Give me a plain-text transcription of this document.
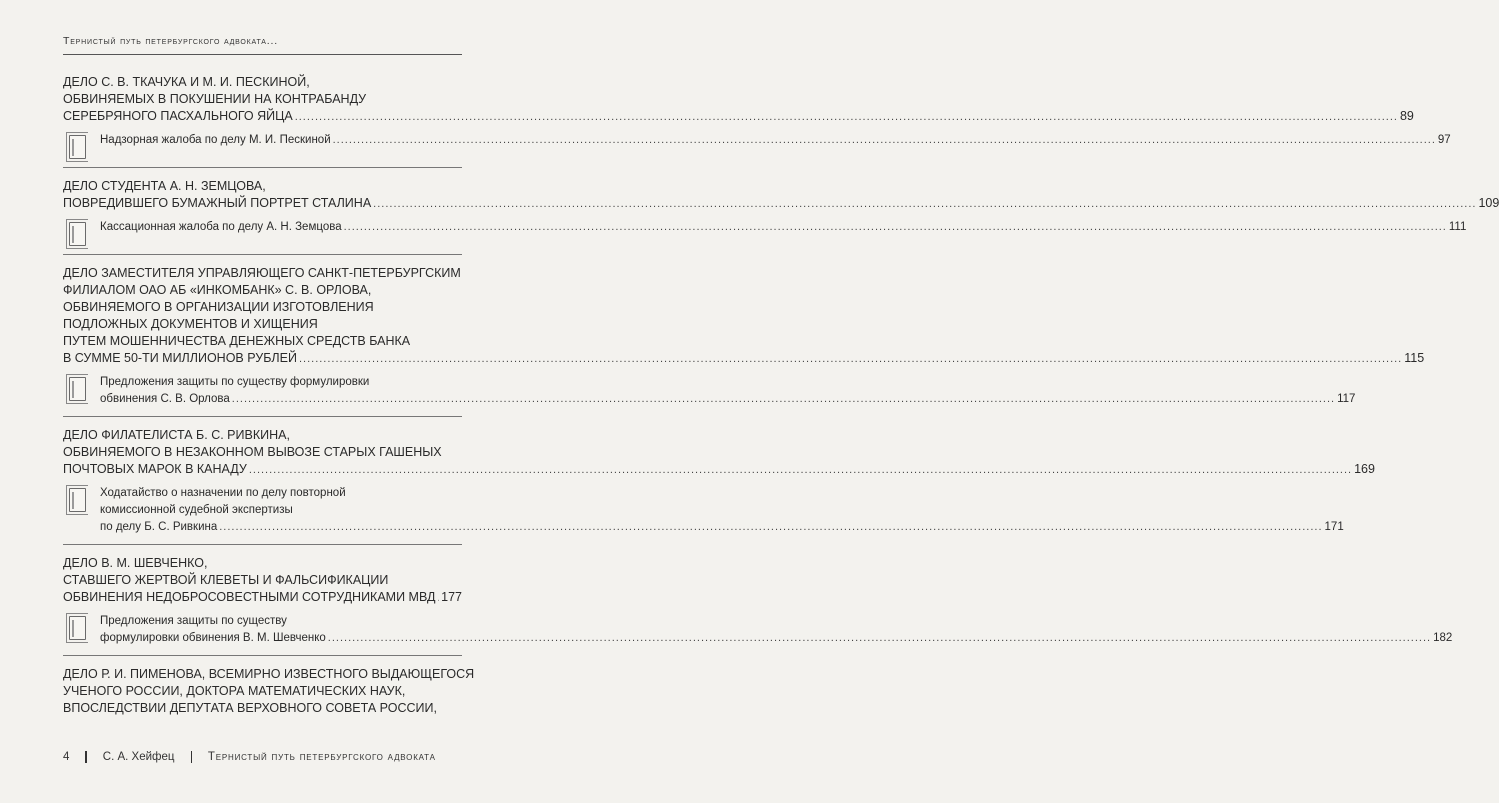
Тернистый путь петербургского адвоката...
ДЕЛО С. В. ТКАЧУКА И М. И. ПЕСКИНОЙ,
ОБВИНЯЕМЫХ В ПОКУШЕНИИ НА КОНТРАБАНДУ
СЕРЕБРЯНОГО ПАСХАЛЬНОГО ЯЙЦА .....	89
Надзорная жалоба по делу М. И. Пескиной .....	97
ДЕЛО СТУДЕНТА А. Н. ЗЕМЦОВА,
ПОВРЕДИВШЕГО БУМАЖНЫЙ ПОРТРЕТ СТАЛИНА .....	109
Кассационная жалоба по делу А. Н. Земцова .....	111
ДЕЛО ЗАМЕСТИТЕЛЯ УПРАВЛЯЮЩЕГО САНКТ-ПЕТЕРБУРГСКИМ
ФИЛИАЛОМ ОАО АБ «ИНКОМБАНК» С. В. ОРЛОВА,
ОБВИНЯЕМОГО В ОРГАНИЗАЦИИ ИЗГОТОВЛЕНИЯ
ПОДЛОЖНЫХ ДОКУМЕНТОВ И ХИЩЕНИЯ
ПУТЕМ МОШЕННИЧЕСТВА ДЕНЕЖНЫХ СРЕДСТВ БАНКА
В СУММЕ 50-ТИ МИЛЛИОНОВ РУБЛЕЙ .....	115
Предложения защиты по существу формулировки
обвинения С. В. Орлова .....	117
ДЕЛО ФИЛАТЕЛИСТА Б. С. РИВКИНА,
ОБВИНЯЕМОГО В НЕЗАКОННОМ ВЫВОЗЕ СТАРЫХ ГАШЕНЫХ
ПОЧТОВЫХ МАРОК В КАНАДУ .....	169
Ходатайство о назначении по делу повторной
комиссионной судебной экспертизы
по делу Б. С. Ривкина .....	171
ДЕЛО В. М. ШЕВЧЕНКО,
СТАВШЕГО ЖЕРТВОЙ КЛЕВЕТЫ И ФАЛЬСИФИКАЦИИ
ОБВИНЕНИЯ НЕДОБРОСОВЕСТНЫМИ СОТРУДНИКАМИ МВД ..... 177
Предложения защиты по существу
формулировки обвинения В. М. Шевченко .....	182
ДЕЛО Р. И. ПИМЕНОВА, ВСЕМИРНО ИЗВЕСТНОГО ВЫДАЮЩЕГОСЯ
УЧЕНОГО РОССИИ, ДОКТОРА МАТЕМАТИЧЕСКИХ НАУК,
ВПОСЛЕДСТВИИ ДЕПУТАТА ВЕРХОВНОГО СОВЕТА РОССИИ,
4	С. А. Хейфец	Тернистый путь петербургского адвоката
